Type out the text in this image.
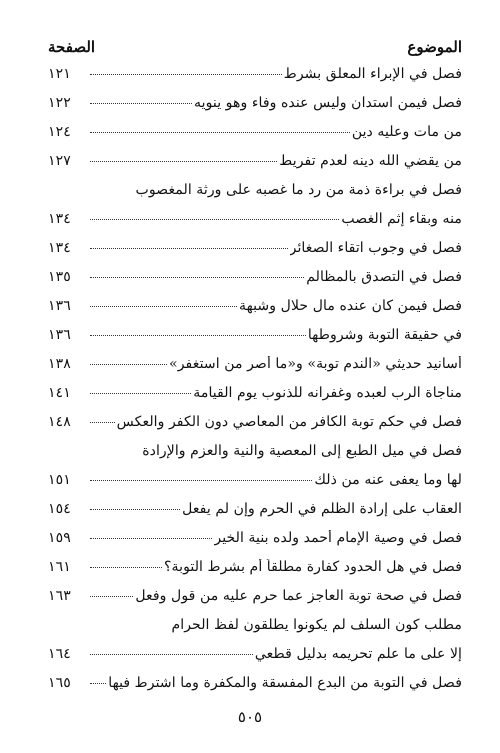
الموضوع
الصفحة
فصل في الإبراء المعلق بشرط
١٢١
فصل فيمن استدان وليس عنده وفاء وهو ينويه
١٢٢
من مات وعليه دين
١٢٤
من يقضي الله دينه لعدم تفريط
١٢٧
فصل في براءة ذمة من رد ما غصبه على ورثة المغصوب
منه وبقاء إثم الغصب
١٣٤
فصل في وجوب اتقاء الصغائر
١٣٤
فصل في التصدق بالمظالم
١٣٥
فصل فيمن كان عنده مال حلال وشبهة
١٣٦
في حقيقة التوبة وشروطها
١٣٦
أسانيد حديثي «الندم توبة» و«ما أصر من استغفر»
١٣٨
مناجاة الرب لعبده وغفرانه للذنوب يوم القيامة
١٤١
فصل في حكم توبة الكافر من المعاصي دون الكفر والعكس
١٤٨
فصل في ميل الطبع إلى المعصية والنية والعزم والإرادة
لها وما يعفى عنه من ذلك
١٥١
العقاب على إرادة الظلم في الحرم وإن لم يفعل
١٥٤
فصل في وصية الإمام أحمد ولده بنية الخير
١٥٩
فصل في هل الحدود كفارة مطلقاً أم بشرط التوبة؟
١٦١
فصل في صحة توبة العاجز عما حرم عليه من قول وفعل
١٦٣
مطلب كون السلف لم يكونوا يطلقون لفظ الحرام
إلا على ما علم تحريمه بدليل قطعي
١٦٤
فصل في التوبة من البدع المفسقة والمكفرة وما اشترط فيها
١٦٥
٥٠٥
